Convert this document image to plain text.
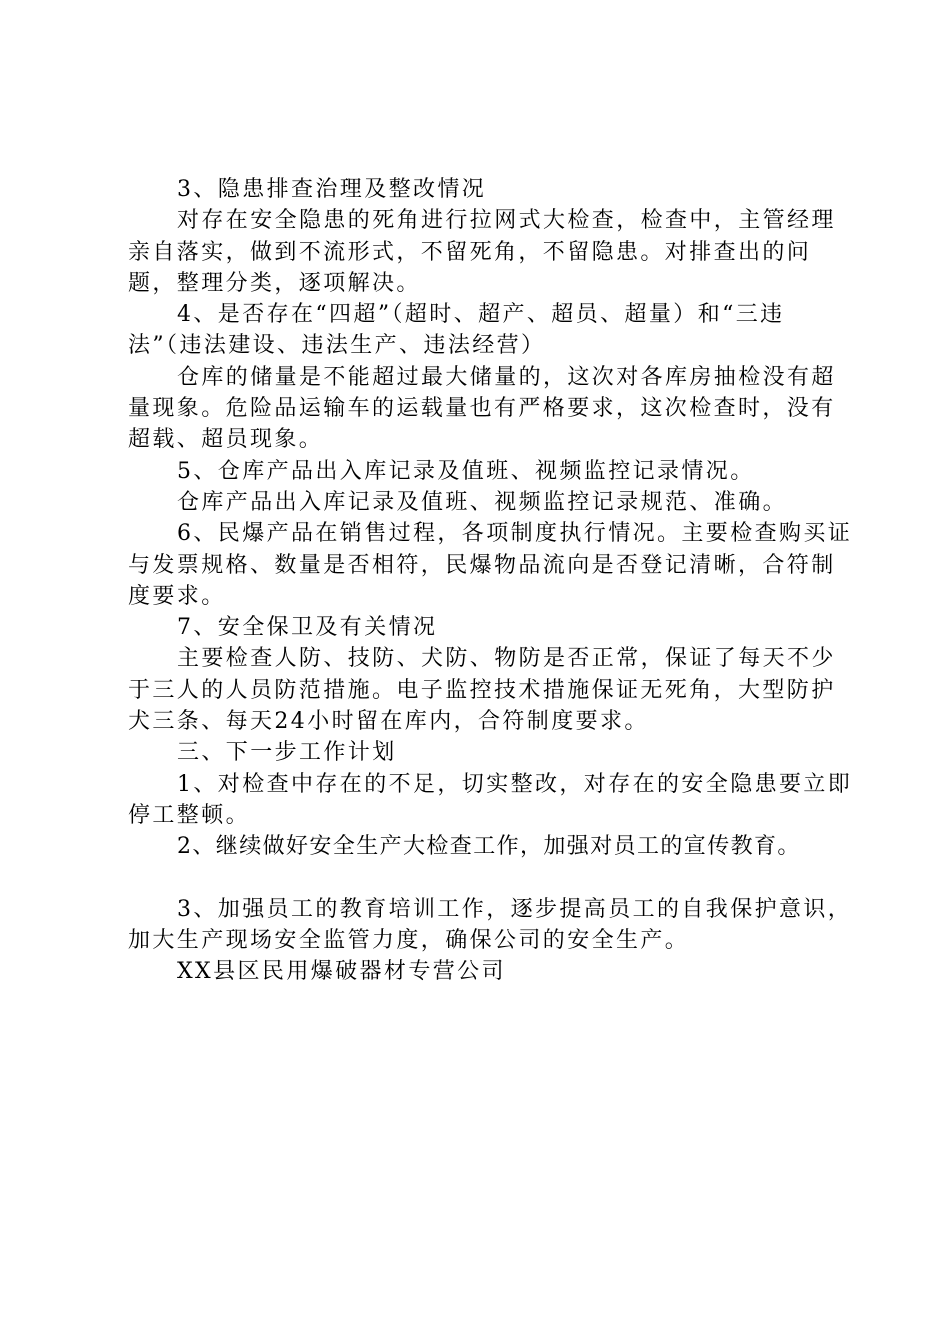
3、隐患排查治理及整改情况

对存在安全隐患的死角进行拉网式大检查，检查中，主管经理亲自落实，做到不流形式，不留死角，不留隐患。对排查出的问题，整理分类，逐项解决。

4、是否存在“四超”（超时、超产、超员、超量）和“三违法”（违法建设、违法生产、违法经营）

仓库的储量是不能超过最大储量的，这次对各库房抽检没有超量现象。危险品运输车的运载量也有严格要求，这次检查时，没有超载、超员现象。

5、仓库产品出入库记录及值班、视频监控记录情况。

仓库产品出入库记录及值班、视频监控记录规范、准确。

6、民爆产品在销售过程，各项制度执行情况。主要检查购买证与发票规格、数量是否相符，民爆物品流向是否登记清晰，合符制度要求。

7、安全保卫及有关情况

主要检查人防、技防、犬防、物防是否正常，保证了每天不少于三人的人员防范措施。电子监控技术措施保证无死角，大型防护犬三条、每天24小时留在库内，合符制度要求。

三、下一步工作计划

1、对检查中存在的不足，切实整改，对存在的安全隐患要立即停工整顿。

2、继续做好安全生产大检查工作，加强对员工的宣传教育。

3、加强员工的教育培训工作，逐步提高员工的自我保护意识，加大生产现场安全监管力度，确保公司的安全生产。

XX县区民用爆破器材专营公司
